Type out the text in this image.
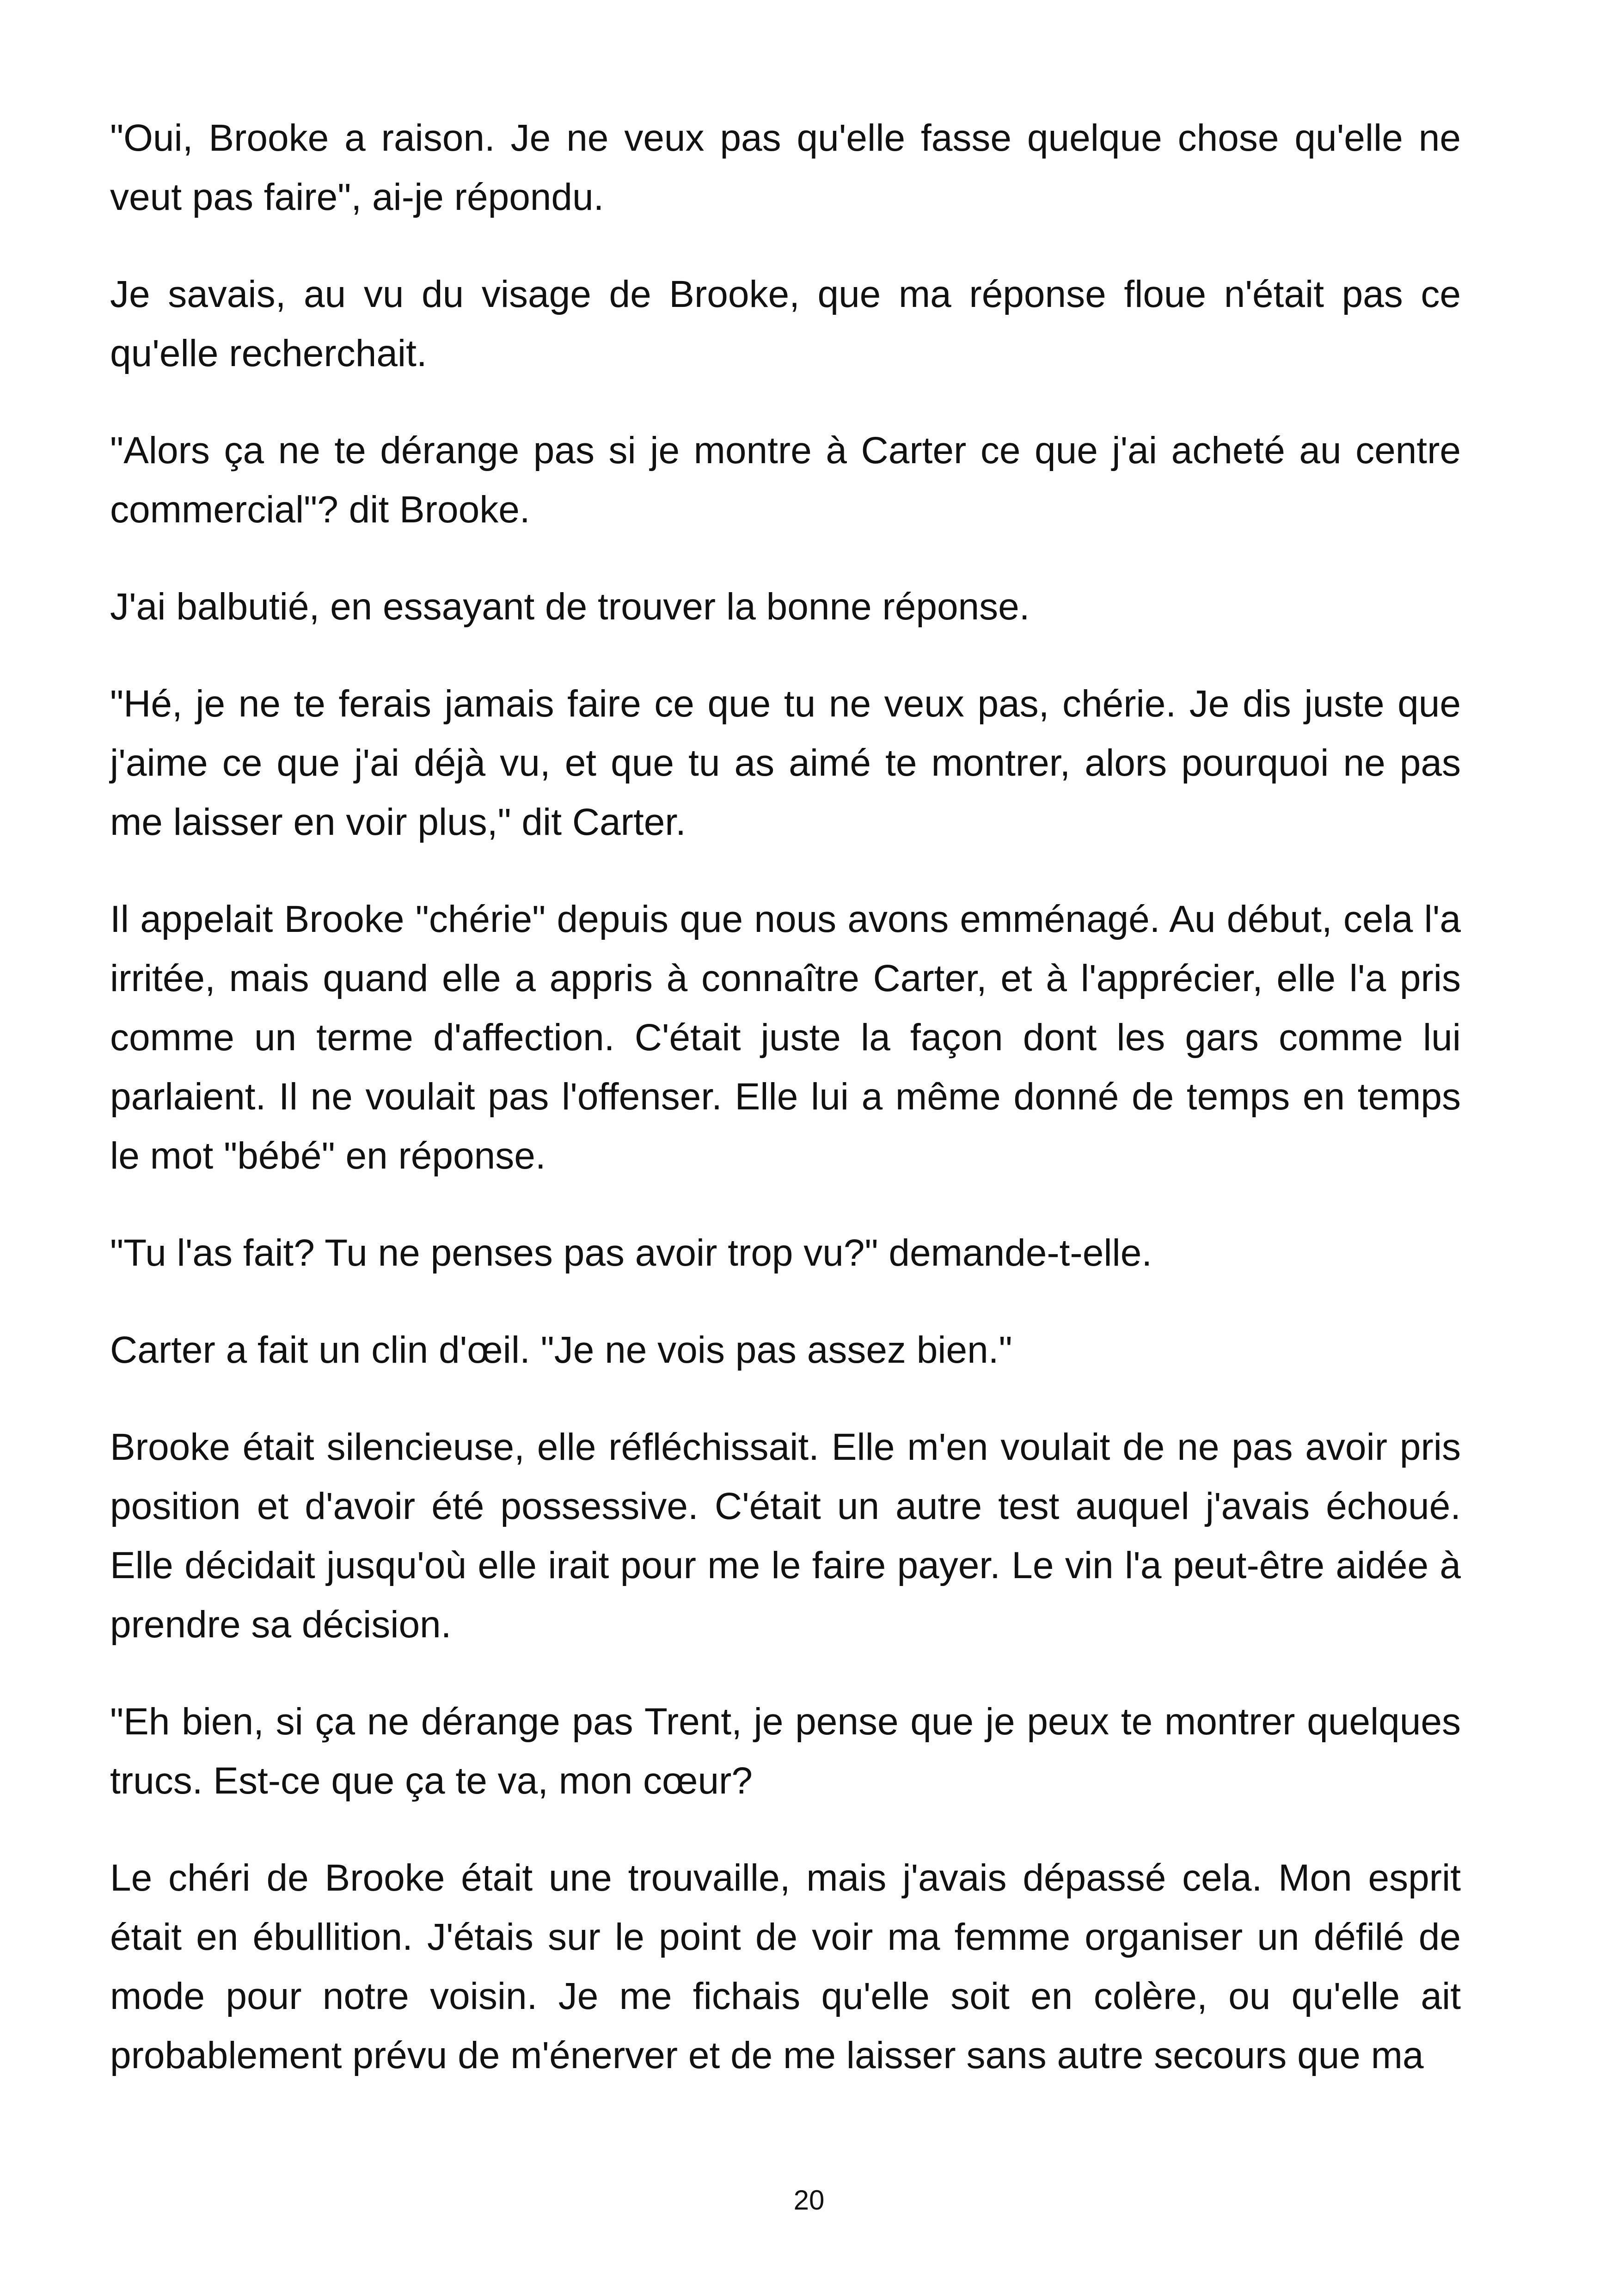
"Oui, Brooke a raison. Je ne veux pas qu'elle fasse quelque chose qu'elle ne veut pas faire", ai-je répondu.

Je savais, au vu du visage de Brooke, que ma réponse floue n'était pas ce qu'elle recherchait.

"Alors ça ne te dérange pas si je montre à Carter ce que j'ai acheté au centre commercial"? dit Brooke.

J'ai balbutié, en essayant de trouver la bonne réponse.

"Hé, je ne te ferais jamais faire ce que tu ne veux pas, chérie. Je dis juste que j'aime ce que j'ai déjà vu, et que tu as aimé te montrer, alors pourquoi ne pas me laisser en voir plus," dit Carter.

Il appelait Brooke "chérie" depuis que nous avons emménagé. Au début, cela l'a irritée, mais quand elle a appris à connaître Carter, et à l'apprécier, elle l'a pris comme un terme d'affection. C'était juste la façon dont les gars comme lui parlaient. Il ne voulait pas l'offenser. Elle lui a même donné de temps en temps le mot "bébé" en réponse.

"Tu l'as fait? Tu ne penses pas avoir trop vu?" demande-t-elle.

Carter a fait un clin d'œil. "Je ne vois pas assez bien."

Brooke était silencieuse, elle réfléchissait. Elle m'en voulait de ne pas avoir pris position et d'avoir été possessive. C'était un autre test auquel j'avais échoué. Elle décidait jusqu'où elle irait pour me le faire payer. Le vin l'a peut-être aidée à prendre sa décision.

"Eh bien, si ça ne dérange pas Trent, je pense que je peux te montrer quelques trucs. Est-ce que ça te va, mon cœur?

Le chéri de Brooke était une trouvaille, mais j'avais dépassé cela. Mon esprit était en ébullition. J'étais sur le point de voir ma femme organiser un défilé de mode pour notre voisin. Je me fichais qu'elle soit en colère, ou qu'elle ait probablement prévu de m'énerver et de me laisser sans autre secours que ma

20
